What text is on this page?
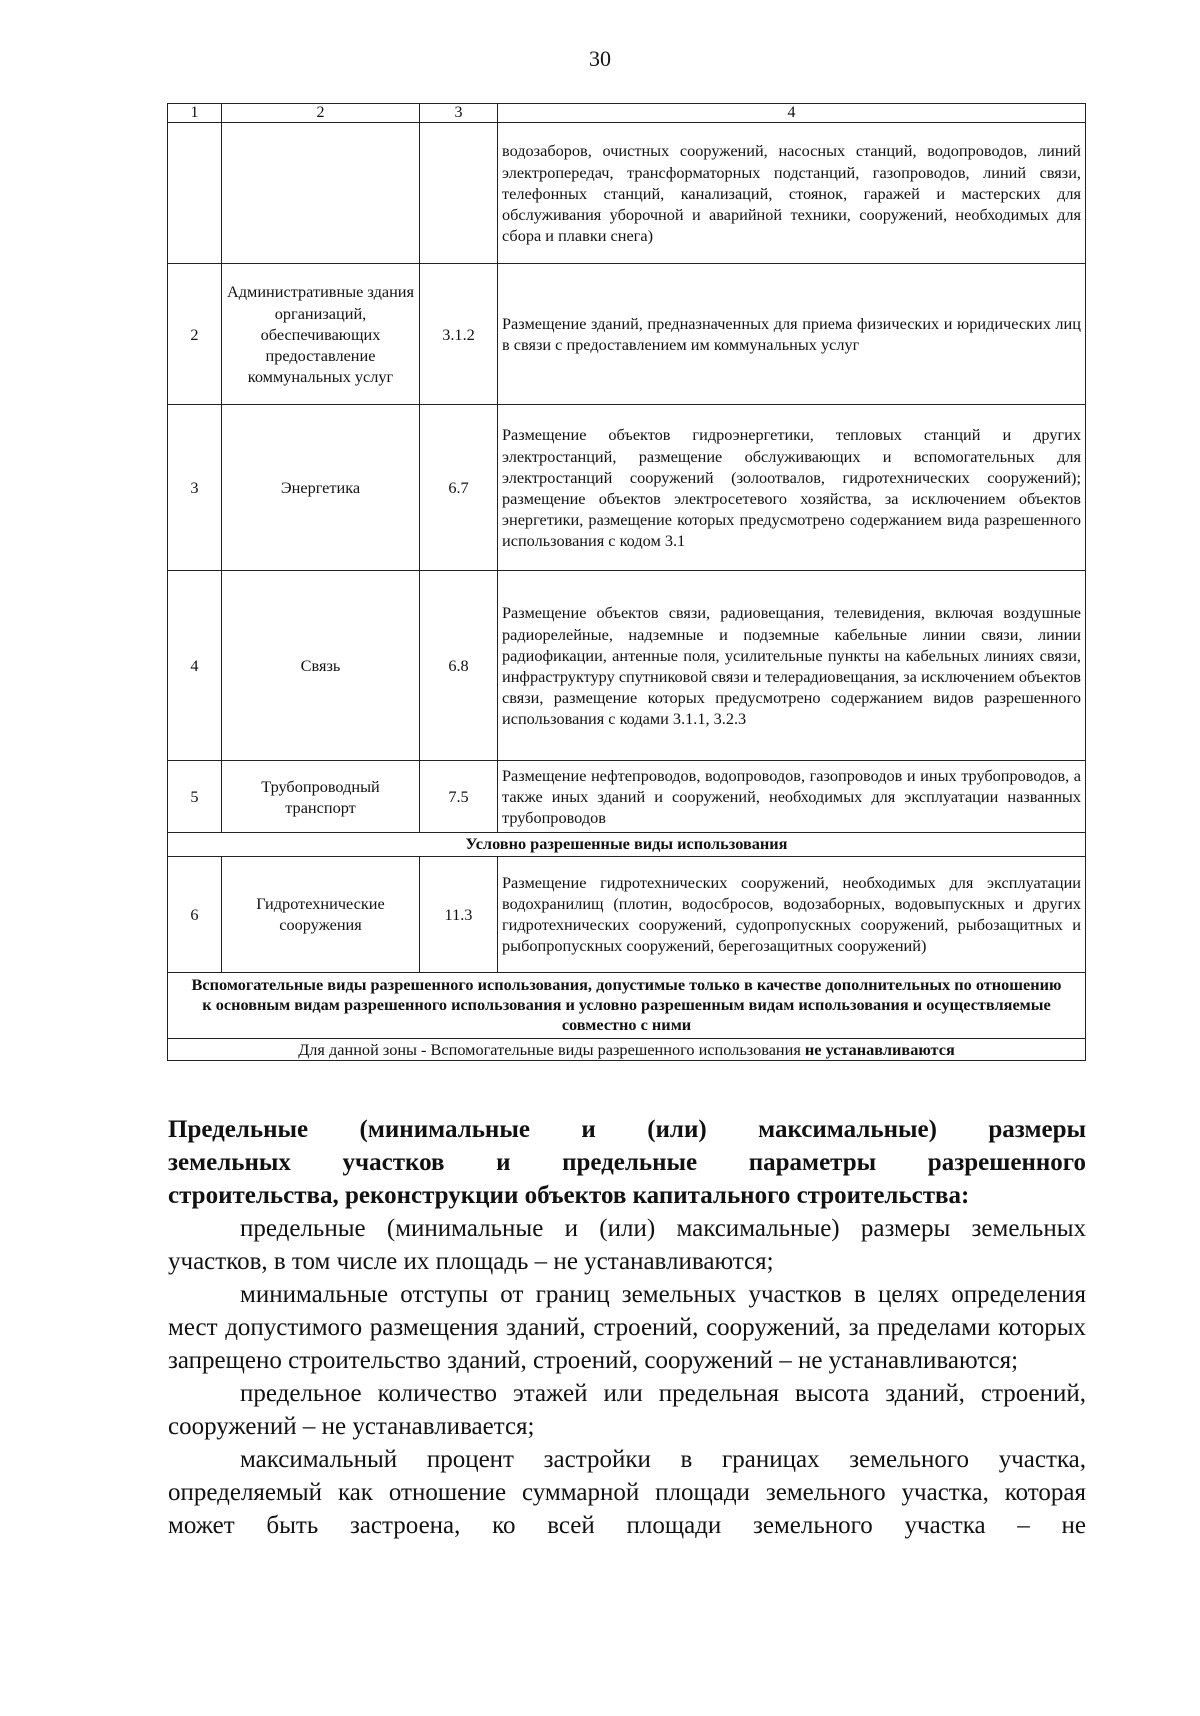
30
1	2	3	4
			водозаборов, очистных сооружений, насосных станций, водопроводов, линий электропередач, трансформаторных подстанций, газопроводов, линий связи, телефонных станций, канализаций, стоянок, гаражей и мастерских для обслуживания уборочной и аварийной техники, сооружений, необходимых для сбора и плавки снега)
2	Административные здания организаций, обеспечивающих предоставление коммунальных услуг	3.1.2	Размещение зданий, предназначенных для приема физических и юридических лиц в связи с предоставлением им коммунальных услуг
3	Энергетика	6.7	Размещение объектов гидроэнергетики, тепловых станций и других электростанций, размещение обслуживающих и вспомогательных для электростанций сооружений (золоотвалов, гидротехнических сооружений); размещение объектов электросетевого хозяйства, за исключением объектов энергетики, размещение которых предусмотрено содержанием вида разрешенного использования с кодом 3.1
4	Связь	6.8	Размещение объектов связи, радиовещания, телевидения, включая воздушные радиорелейные, надземные и подземные кабельные линии связи, линии радиофикации, антенные поля, усилительные пункты на кабельных линиях связи, инфраструктуру спутниковой связи и телерадиовещания, за исключением объектов связи, размещение которых предусмотрено содержанием видов разрешенного использования с кодами 3.1.1, 3.2.3
5	Трубопроводный транспорт	7.5	Размещение нефтепроводов, водопроводов, газопроводов и иных трубопроводов, а также иных зданий и сооружений, необходимых для эксплуатации названных трубопроводов
Условно разрешенные виды использования			
6	Гидротехнические сооружения	11.3	Размещение гидротехнических сооружений, необходимых для эксплуатации водохранилищ (плотин, водосбросов, водозаборных, водовыпускных и других гидротехнических сооружений, судопропускных сооружений, рыбозащитных и рыбопропускных сооружений, берегозащитных сооружений)
Вспомогательные виды разрешенного использования, допустимые только в качестве дополнительных по отношению к основным видам разрешенного использования и условно разрешенным видам использования и осуществляемые совместно с ними			
Для данной зоны - Вспомогательные виды разрешенного использования не устанавливаются			
Предельные (минимальные и (или) максимальные) размеры
земельных участков и предельные параметры разрешенного
строительства, реконструкции объектов капитального строительства:

предельные (минимальные и (или) максимальные) размеры земельных участков, в том числе их площадь – не устанавливаются;

минимальные отступы от границ земельных участков в целях определения мест допустимого размещения зданий, строений, сооружений, за пределами которых запрещено строительство зданий, строений, сооружений – не устанавливаются;

предельное количество этажей или предельная высота зданий, строений, сооружений – не устанавливается;

максимальный процент застройки в границах земельного участка, определяемый как отношение суммарной площади земельного участка, которая может быть застроена, ко всей площади земельного участка – не
